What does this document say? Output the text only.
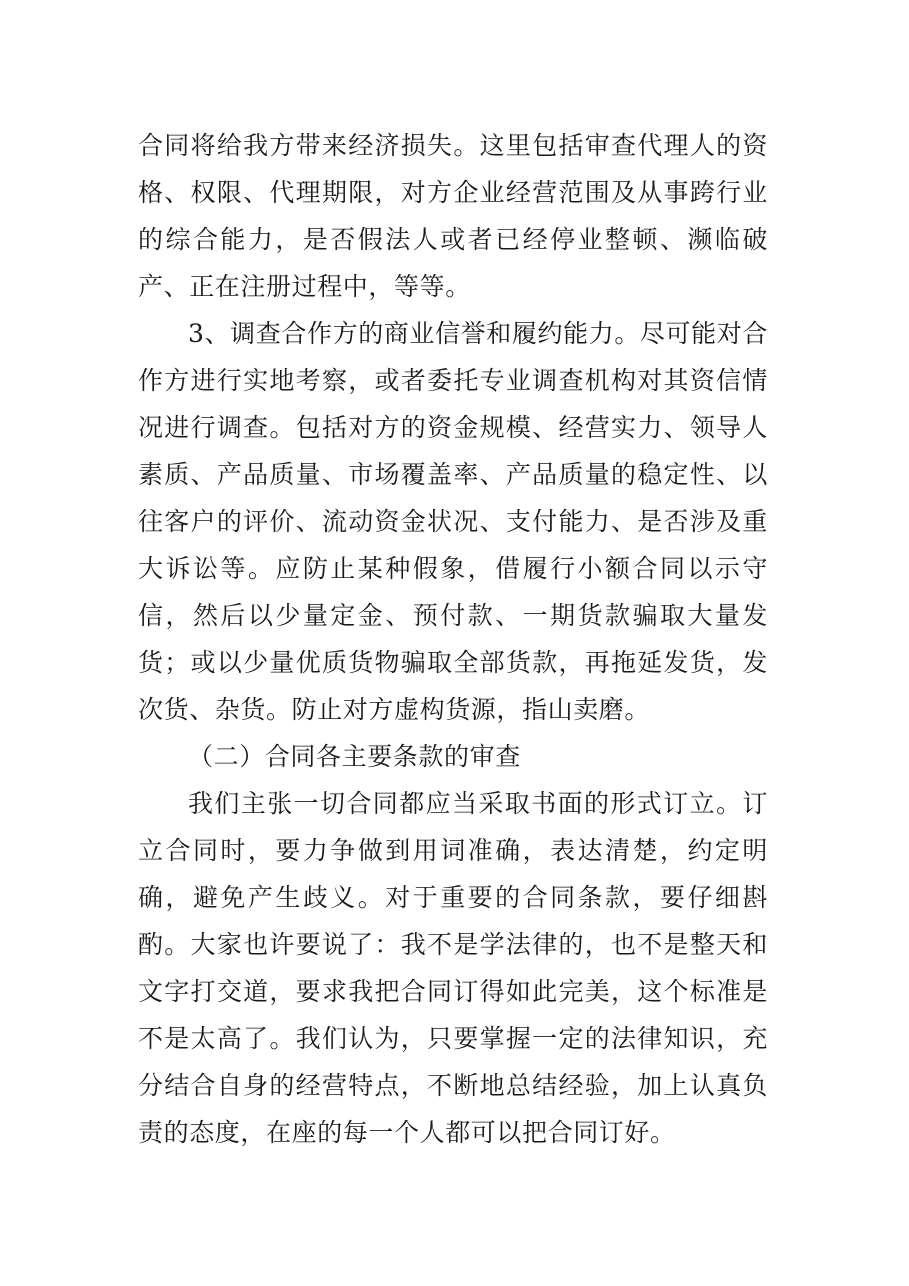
合同将给我方带来经济损失。这里包括审查代理人的资格、权限、代理期限，对方企业经营范围及从事跨行业的综合能力，是否假法人或者已经停业整顿、濒临破产、正在注册过程中，等等。

3、调查合作方的商业信誉和履约能力。尽可能对合作方进行实地考察，或者委托专业调查机构对其资信情况进行调查。包括对方的资金规模、经营实力、领导人素质、产品质量、市场覆盖率、产品质量的稳定性、以往客户的评价、流动资金状况、支付能力、是否涉及重大诉讼等。应防止某种假象，借履行小额合同以示守信，然后以少量定金、预付款、一期货款骗取大量发货；或以少量优质货物骗取全部货款，再拖延发货，发次货、杂货。防止对方虚构货源，指山卖磨。

（二）合同各主要条款的审查

我们主张一切合同都应当采取书面的形式订立。订立合同时，要力争做到用词准确，表达清楚，约定明确，避免产生歧义。对于重要的合同条款，要仔细斟酌。大家也许要说了：我不是学法律的，也不是整天和文字打交道，要求我把合同订得如此完美，这个标准是不是太高了。我们认为，只要掌握一定的法律知识，充分结合自身的经营特点，不断地总结经验，加上认真负责的态度，在座的每一个人都可以把合同订好。
